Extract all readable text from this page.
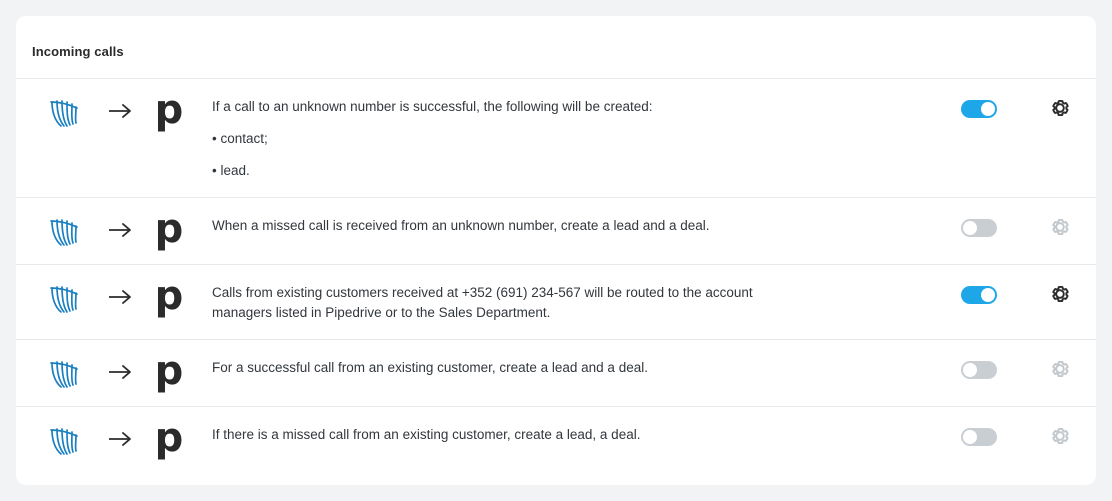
Incoming calls
p If a call to an unknown number is successful, the following will be created:

• contact;

• lead.

p When a missed call is received from an unknown number, create a lead and a deal.

p Calls from existing customers received at +352 (691) 234-567 will be routed to the account managers listed in Pipedrive or to the Sales Department.

p For a successful call from an existing customer, create a lead and a deal.

p If there is a missed call from an existing customer, create a lead, a deal.
